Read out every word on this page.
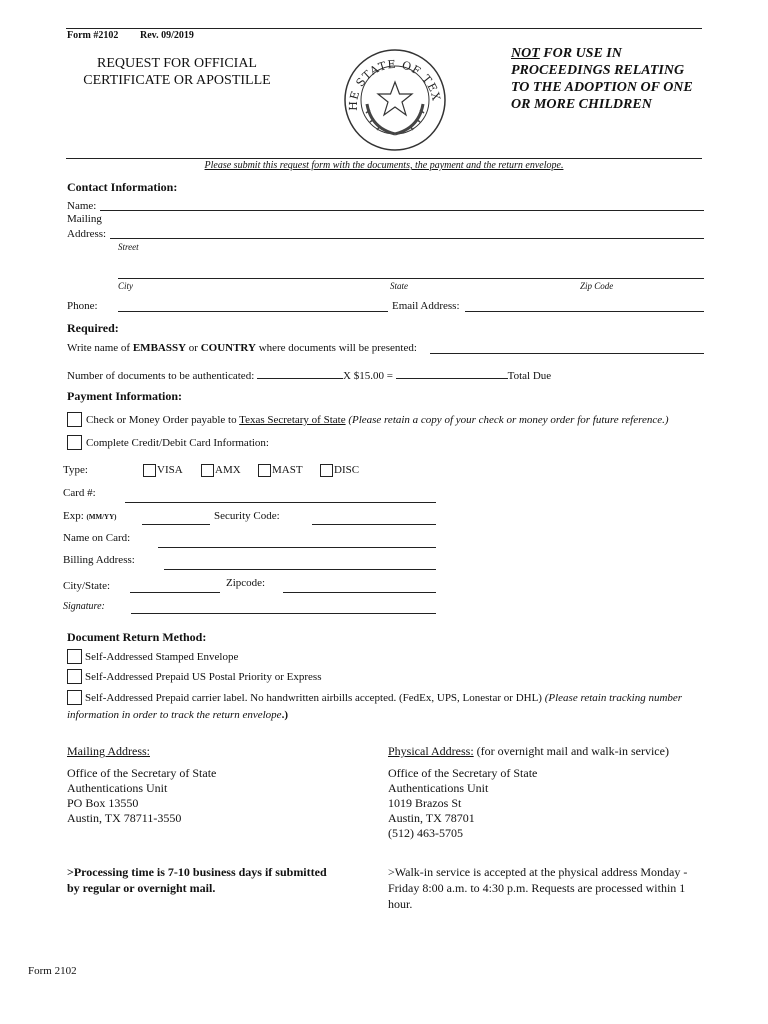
Form #2102 Rev. 09/2019
REQUEST FOR OFFICIAL
CERTIFICATE OR APOSTILLE
HE STATE OF TEX
NOT FOR USE IN
PROCEEDINGS RELATING
TO THE ADOPTION OF ONE
OR MORE CHILDREN
Please submit this request form with the documents, the payment and the return envelope.
Contact Information:
Name:
Mailing
Address:
Street
City	State	Zip Code
Phone:	Email Address:
Required:
Write name of EMBASSY or COUNTRY where documents will be presented:
Number of documents to be authenticated:	X $15.00 =	Total Due
Payment Information:
Check or Money Order payable to Texas Secretary of State (Please retain a copy of your check or money order for future reference.)
Complete Credit/Debit Card Information:
Type:	VISA	AMX	MAST	DISC
Card #:
Exp: (MM/YY)	Security Code:
Name on Card:
Billing Address:
City/State:	Zipcode:
Signature:
Document Return Method:
Self-Addressed Stamped Envelope
Self-Addressed Prepaid US Postal Priority or Express
Self-Addressed Prepaid carrier label. No handwritten airbills accepted. (FedEx, UPS, Lonestar or DHL) (Please retain tracking number
information in order to track the return envelope.)
Mailing Address:
Office of the Secretary of State
Authentications Unit
PO Box 13550
Austin, TX 78711-3550
Physical Address: (for overnight mail and walk-in service)
Office of the Secretary of State
Authentications Unit
1019 Brazos St
Austin, TX 78701
(512) 463-5705
>Processing time is 7-10 business days if submitted
by regular or overnight mail.
>Walk-in service is accepted at the physical address Monday -
Friday 8:00 a.m. to 4:30 p.m. Requests are processed within 1
hour.
Form 2102
